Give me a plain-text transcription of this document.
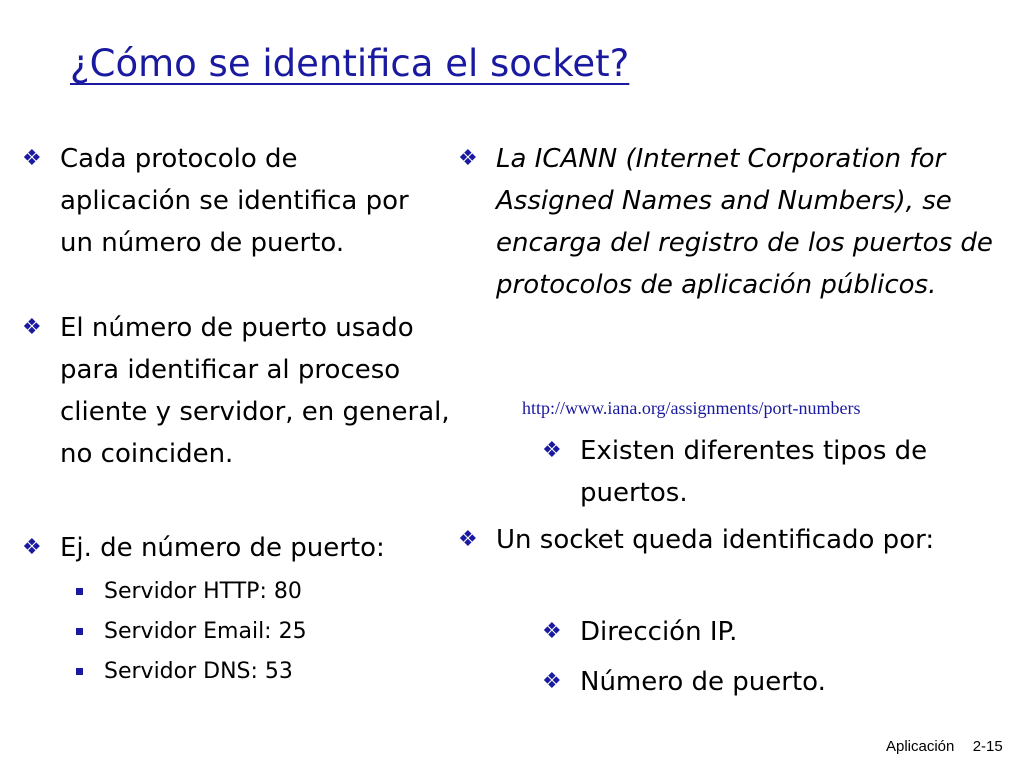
¿Cómo se identifica el socket?
❖ Cada protocolo de aplicación se identifica por un número de puerto.
❖ El número de puerto usado para identificar al proceso cliente y servidor, en general, no coinciden.
❖ Ej. de número de puerto:
Servidor HTTP: 80
Servidor Email: 25
Servidor DNS: 53
❖ La ICANN (Internet Corporation for Assigned Names and Numbers), se encarga del registro de los puertos de protocolos de aplicación públicos.
http://www.iana.org/assignments/port-numbers
❖ Existen diferentes tipos de puertos.
❖ Un socket queda identificado por:
❖ Dirección IP.
❖ Número de puerto.
Aplicación 2-15
